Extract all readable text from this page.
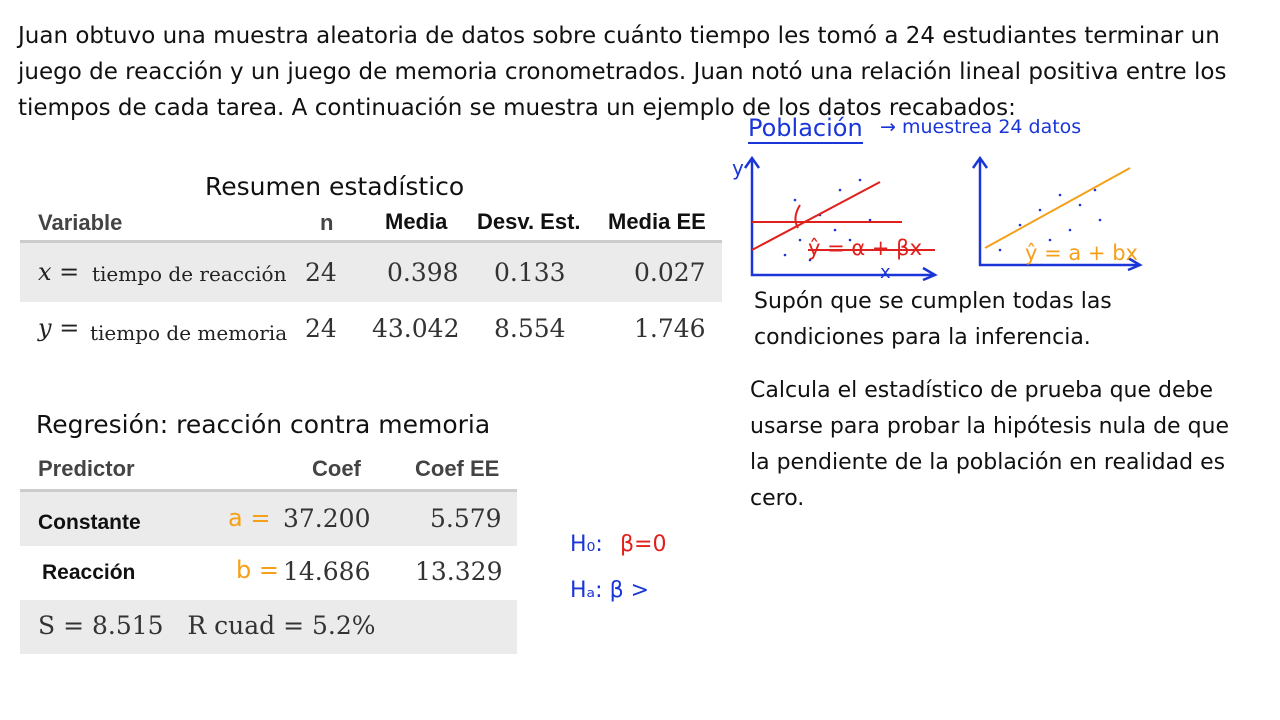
Juan obtuvo una muestra aleatoria de datos sobre cuánto tiempo les tomó a 24 estudiantes terminar un juego de reacción y un juego de memoria cronometrados. Juan notó una relación lineal positiva entre los tiempos de cada tarea. A continuación se muestra un ejemplo de los datos recabados:
Resumen estadístico
Variable	n Media Desv. Est. Media EE
x = tiempo de reacción 24 0.398 0.133	0.027
y = tiempo de memoria 24 43.042 8.554	1.746
Regresión: reacción contra memoria
Predictor	Coef Coef EE
Constante	a = 37.200 5.579
Reacción	b = 14.686 13.329
S = 8.515   R cuad = 5.2%
H₀: β=0
Hₐ: β >
Población → muestrea 24 datos
y
x
ŷ = α + βx	ŷ = a + bx
Supón que se cumplen todas las condiciones para la inferencia.
Calcula el estadístico de prueba que debe usarse para probar la hipótesis nula de que la pendiente de la población en realidad es cero.
